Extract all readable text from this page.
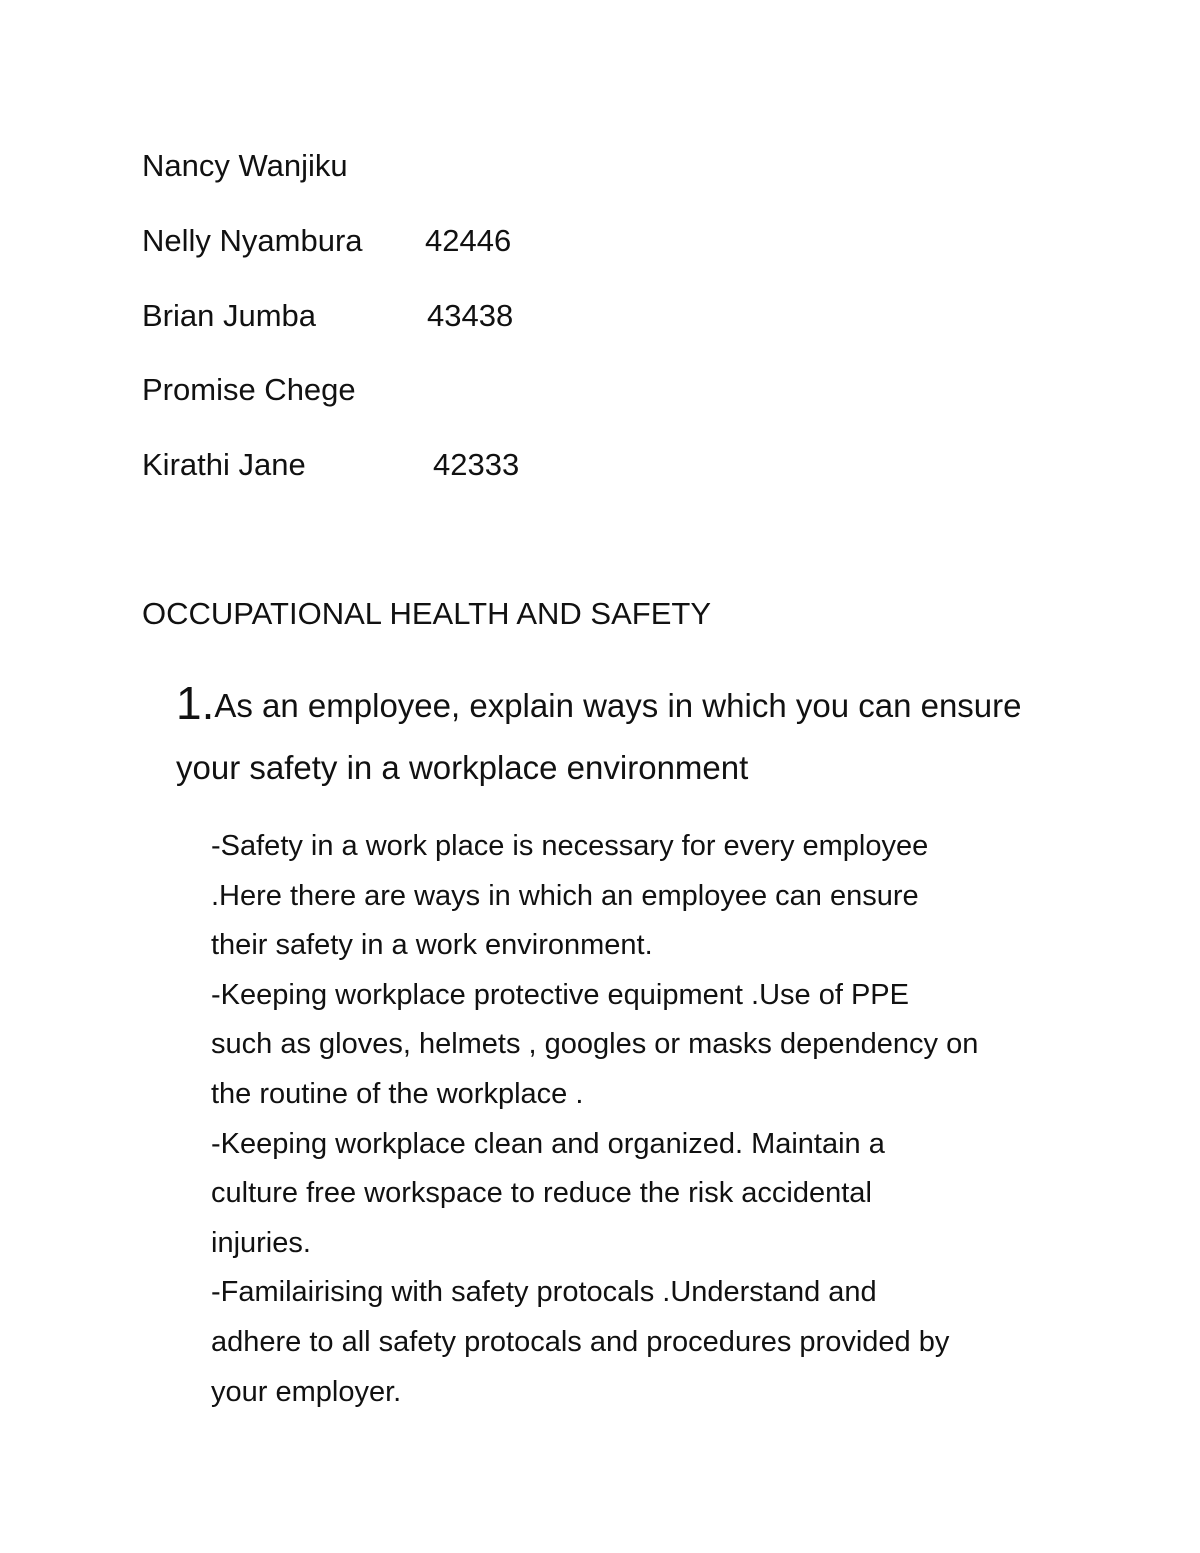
Nancy Wanjiku
Nelly Nyambura 42446
Brian Jumba	43438
Promise Chege
Kirathi Jane	42333
OCCUPATIONAL HEALTH AND SAFETY
1.As an employee, explain ways in which you can ensure your safety in a workplace environment

-Safety in a work place is necessary for every employee
.Here there are ways in which an employee can ensure
their safety in a work environment.

-Keeping workplace protective equipment .Use of PPE
such as gloves, helmets , googles or masks dependency on
the routine of the workplace .

-Keeping workplace clean and organized. Maintain a
culture free workspace to reduce the risk accidental
injuries.

-Familairising with safety protocals .Understand and
adhere to all safety protocals and procedures provided by
your employer.
